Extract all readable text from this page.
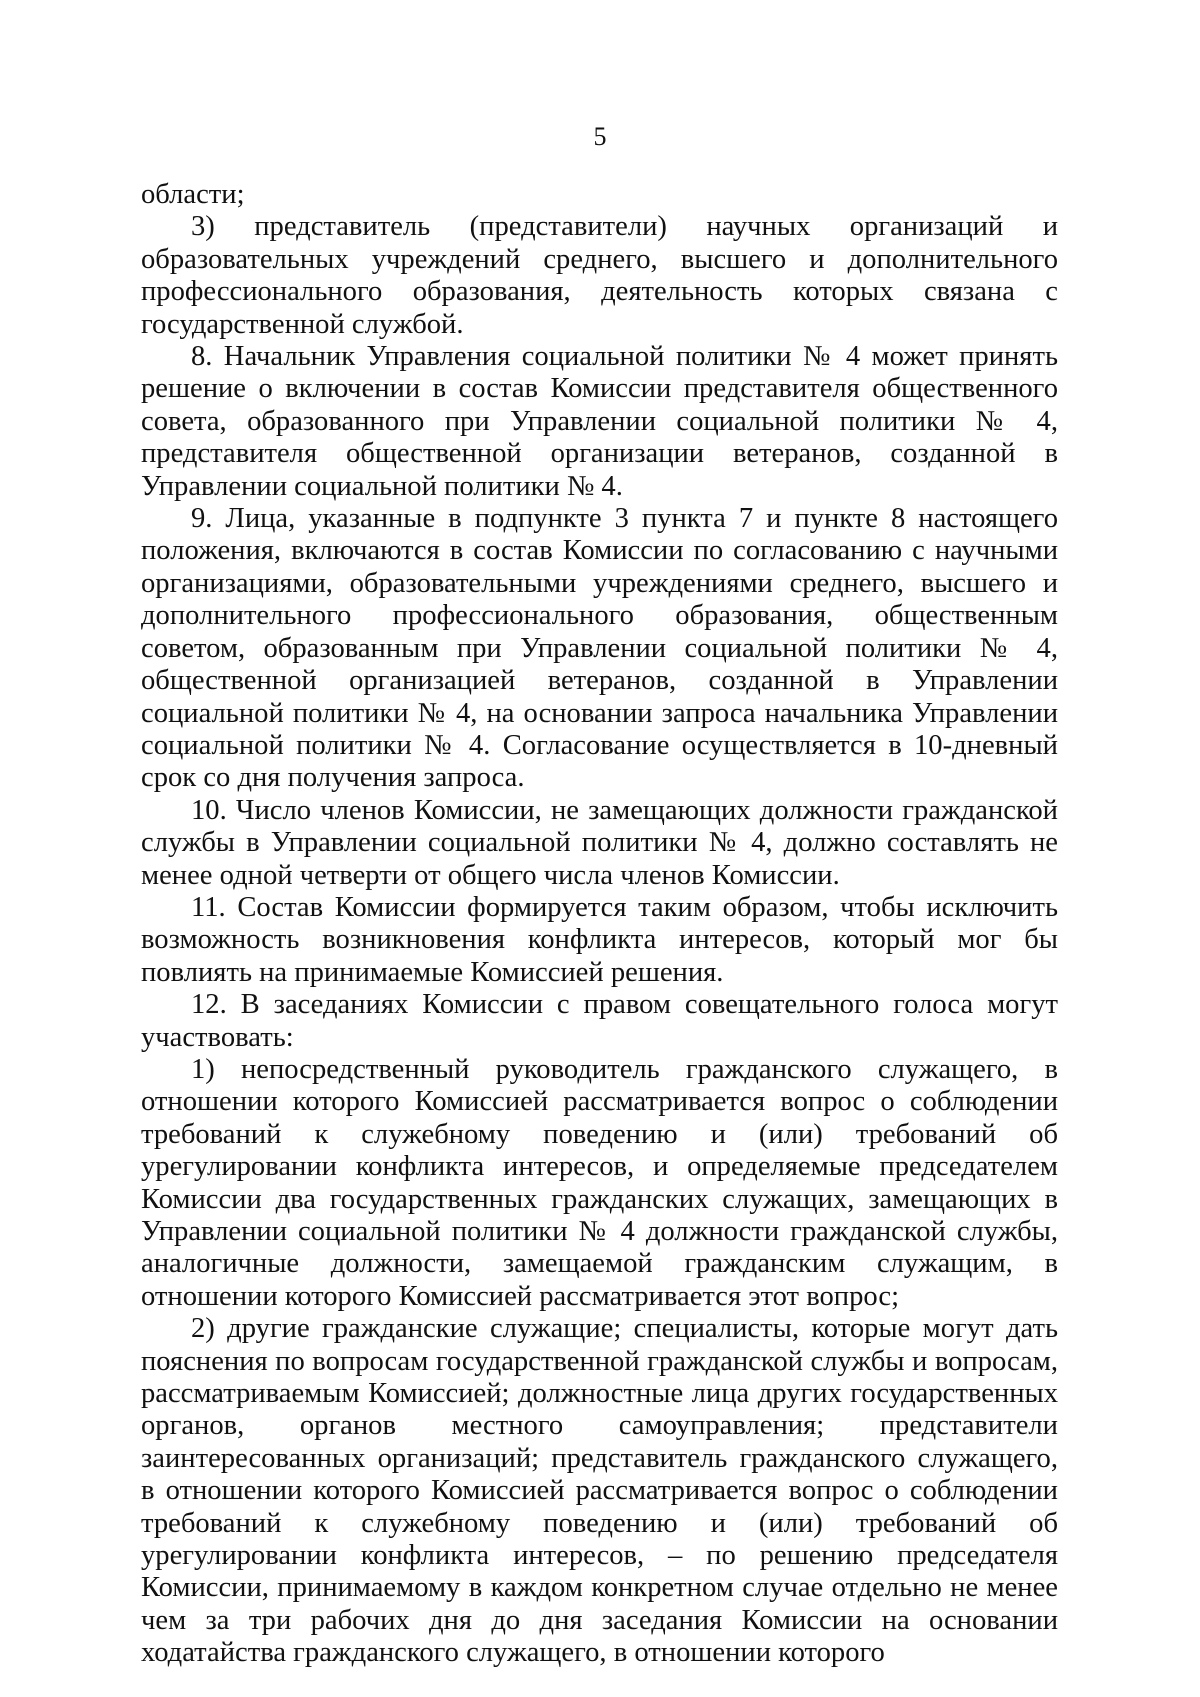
5

области;

3) представитель (представители) научных организаций и образовательных учреждений среднего, высшего и дополнительного профессионального образования, деятельность которых связана с государственной службой.

8. Начальник Управления социальной политики № 4 может принять решение о включении в состав Комиссии представителя общественного совета, образованного при Управлении социальной политики № 4, представителя общественной организации ветеранов, созданной в Управлении социальной политики № 4.

9. Лица, указанные в подпункте 3 пункта 7 и пункте 8 настоящего положения, включаются в состав Комиссии по согласованию с научными организациями, образовательными учреждениями среднего, высшего и дополнительного профессионального образования, общественным советом, образованным при Управлении социальной политики № 4, общественной организацией ветеранов, созданной в Управлении социальной политики № 4, на основании запроса начальника Управлении социальной политики № 4. Согласование осуществляется в 10-дневный срок со дня получения запроса.

10. Число членов Комиссии, не замещающих должности гражданской службы в Управлении социальной политики № 4, должно составлять не менее одной четверти от общего числа членов Комиссии.

11. Состав Комиссии формируется таким образом, чтобы исключить возможность возникновения конфликта интересов, который мог бы повлиять на принимаемые Комиссией решения.

12. В заседаниях Комиссии с правом совещательного голоса могут участвовать:

1) непосредственный руководитель гражданского служащего, в отношении которого Комиссией рассматривается вопрос о соблюдении требований к служебному поведению и (или) требований об урегулировании конфликта интересов, и определяемые председателем Комиссии два государственных гражданских служащих, замещающих в Управлении социальной политики № 4 должности гражданской службы, аналогичные должности, замещаемой гражданским служащим, в отношении которого Комиссией рассматривается этот вопрос;

2) другие гражданские служащие; специалисты, которые могут дать пояснения по вопросам государственной гражданской службы и вопросам, рассматриваемым Комиссией; должностные лица других государственных органов, органов местного самоуправления; представители заинтересованных организаций; представитель гражданского служащего, в отношении которого Комиссией рассматривается вопрос о соблюдении требований к служебному поведению и (или) требований об урегулировании конфликта интересов, – по решению председателя Комиссии, принимаемому в каждом конкретном случае отдельно не менее чем за три рабочих дня до дня заседания Комиссии на основании ходатайства гражданского служащего, в отношении которого
